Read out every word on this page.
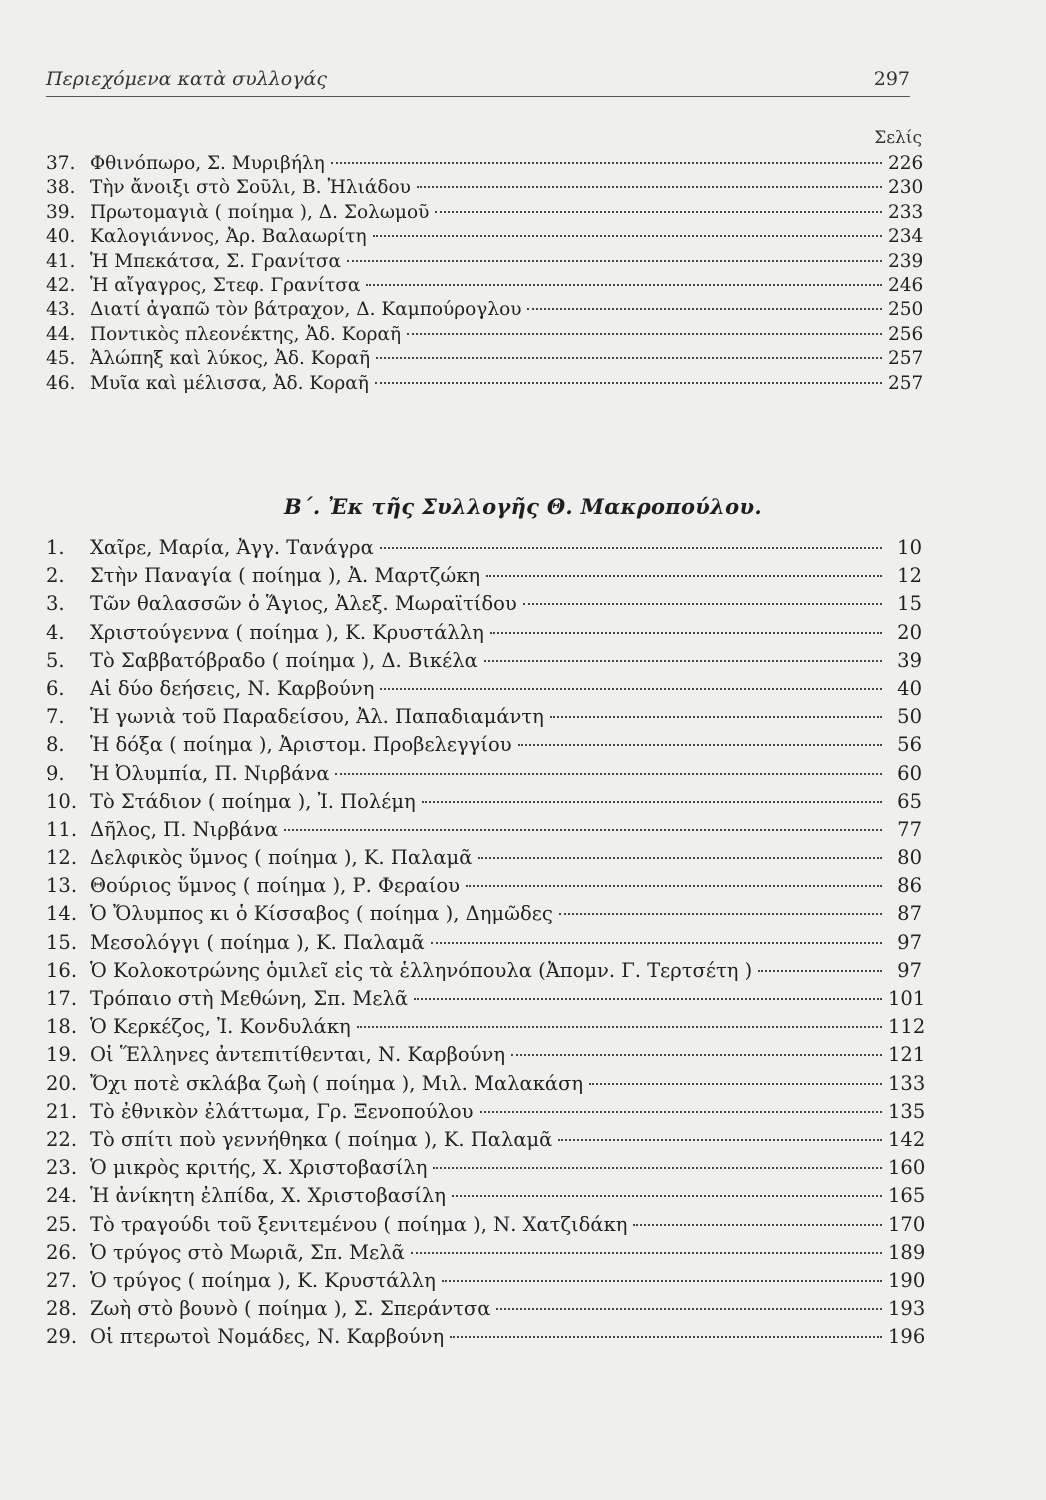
Περιεχόμενα κατὰ συλλογάς	297
Σελίς
37. Φθινόπωρο, Σ. Μυριβήλη	226
38. Τὴν ἄνοιξι στὸ Σοῦλι, Β. Ἠλιάδου	230
39. Πρωτομαγιὰ ( ποίημα ), Δ. Σολωμοῦ	233
40. Καλογιάννος, Ἀρ. Βαλαωρίτη	234
41. Ἡ Μπεκάτσα, Σ. Γρανίτσα	239
42. Ἡ αἴγαγρος, Στεφ. Γρανίτσα	246
43. Διατί ἀγαπῶ τὸν βάτραχον, Δ. Καμπούρογλου	250
44. Ποντικὸς πλεονέκτης, Ἀδ. Κοραῆ	256
45. Ἀλώπηξ καὶ λύκος, Ἀδ. Κοραῆ	257
46. Μυῖα καὶ μέλισσα, Ἀδ. Κοραῆ	257
Β΄. Ἐκ τῆς Συλλογῆς Θ. Μακροπούλου.
1.	Χαῖρε, Μαρία, Ἀγγ. Τανάγρα	10
2.	Στὴν Παναγία ( ποίημα ), Ἀ. Μαρτζώκη	12
3.	Τῶν θαλασσῶν ὁ Ἅγιος, Ἀλεξ. Μωραϊτίδου	15
4.	Χριστούγεννα ( ποίημα ), Κ. Κρυστάλλη	20
5.	Τὸ Σαββατόβραδο ( ποίημα ), Δ. Βικέλα	39
6.	Αἱ δύο δεήσεις, Ν. Καρβούνη	40
7.	Ἡ γωνιὰ τοῦ Παραδείσου, Ἀλ. Παπαδιαμάντη	50
8.	Ἡ δόξα ( ποίημα ), Ἀριστομ. Προβελεγγίου	56
9.	Ἡ Ὀλυμπία, Π. Νιρβάνα	60
10. Τὸ Στάδιον ( ποίημα ), Ἰ. Πολέμη	65
11. Δῆλος, Π. Νιρβάνα	77
12. Δελφικὸς ὕμνος ( ποίημα ), Κ. Παλαμᾶ	80
13. Θούριος ὕμνος ( ποίημα ), Ρ. Φεραίου	86
14. Ὁ Ὄλυμπος κι ὁ Κίσσαβος ( ποίημα ), Δημῶδες	87
15. Μεσολόγγι ( ποίημα ), Κ. Παλαμᾶ	97
16. Ὁ Κολοκοτρώνης ὁμιλεῖ εἰς τὰ ἑλληνόπουλα (Ἀπομν. Γ. Τερτσέτη )	97
17. Τρόπαιο στὴ Μεθώνη, Σπ. Μελᾶ	101
18. Ὁ Κερκέζος, Ἰ. Κονδυλάκη	112
19. Οἱ Ἕλληνες ἀντεπιτίθενται, Ν. Καρβούνη	121
20. Ὄχι ποτὲ σκλάβα ζωὴ ( ποίημα ), Μιλ. Μαλακάση	133
21. Τὸ ἐθνικὸν ἐλάττωμα, Γρ. Ξενοπούλου	135
22. Τὸ σπίτι ποὺ γεννήθηκα ( ποίημα ), Κ. Παλαμᾶ	142
23. Ὁ μικρὸς κριτής, Χ. Χριστοβασίλη	160
24. Ἡ ἀνίκητη ἐλπίδα, Χ. Χριστοβασίλη	165
25. Τὸ τραγούδι τοῦ ξενιτεμένου ( ποίημα ), Ν. Χατζιδάκη	170
26. Ὁ τρύγος στὸ Μωριᾶ, Σπ. Μελᾶ	189
27. Ὁ τρύγος ( ποίημα ), Κ. Κρυστάλλη	190
28. Ζωὴ στὸ βουνὸ ( ποίημα ), Σ. Σπεράντσα	193
29. Οἱ πτερωτοὶ Νομάδες, Ν. Καρβούνη	196
